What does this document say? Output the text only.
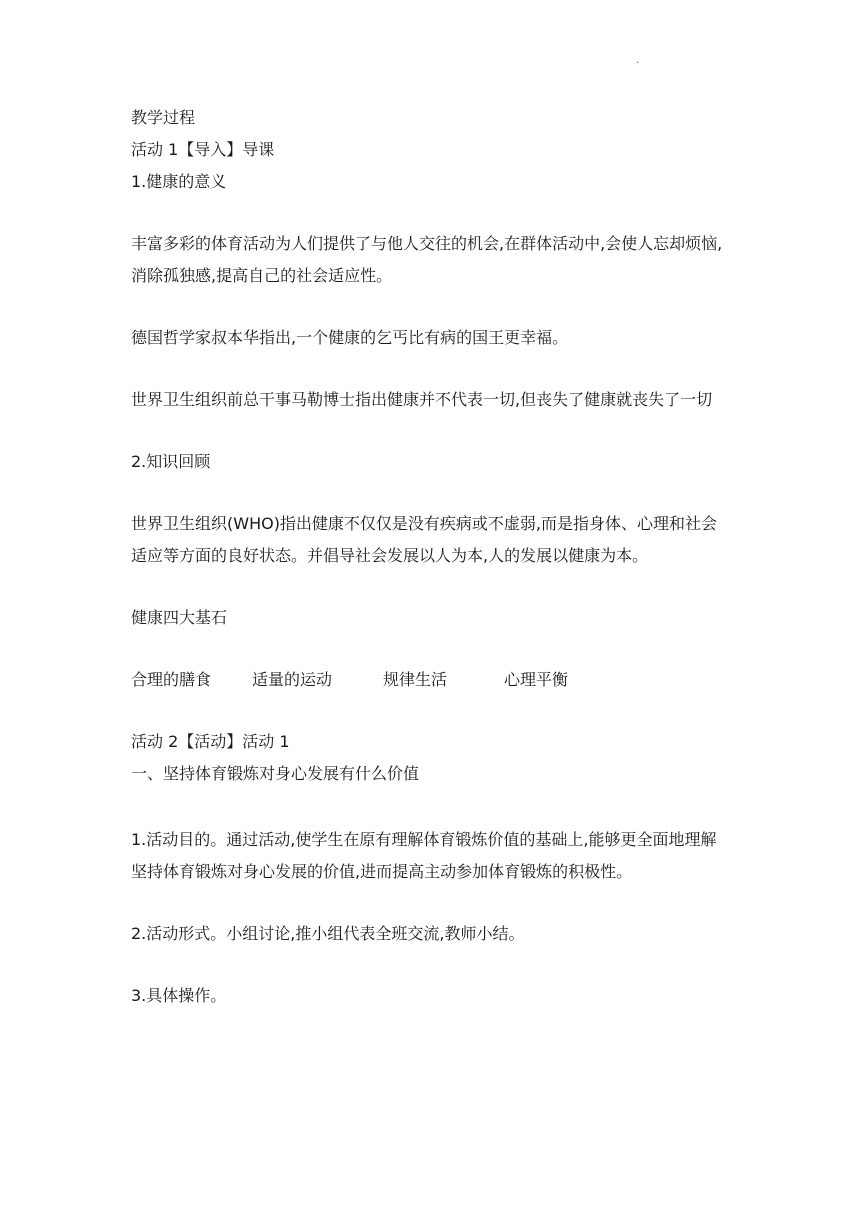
.
教学过程
活动 1【导入】导课
1.健康的意义
丰富多彩的体育活动为人们提供了与他人交往的机会,在群体活动中,会使人忘却烦恼,消除孤独感,提高自己的社会适应性。
德国哲学家叔本华指出,一个健康的乞丐比有病的国王更幸福。
世界卫生组织前总干事马勒博士指出健康并不代表一切,但丧失了健康就丧失了一切
2.知识回顾
世界卫生组织(WHO)指出健康不仅仅是没有疾病或不虚弱,而是指身体、心理和社会适应等方面的良好状态。并倡导社会发展以人为本,人的发展以健康为本。
健康四大基石
合理的膳食	适量的运动	规律生活	心理平衡
活动 2【活动】活动 1
一、坚持体育锻炼对身心发展有什么价值
1.活动目的。通过活动,使学生在原有理解体育锻炼价值的基础上,能够更全面地理解坚持体育锻炼对身心发展的价值,进而提高主动参加体育锻炼的积极性。
2.活动形式。小组讨论,推小组代表全班交流,教师小结。
3.具体操作。
